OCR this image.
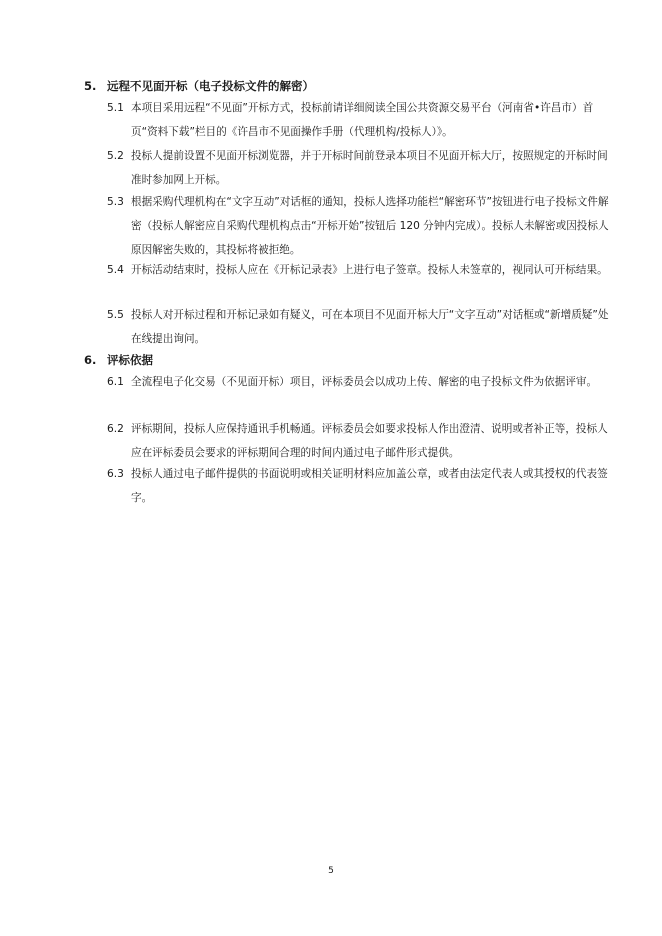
5. 远程不见面开标（电子投标文件的解密）
5.1 本项目采用远程“不见面”开标方式，投标前请详细阅读全国公共资源交易平台（河南省•许昌市）首页“资料下载”栏目的《许昌市不见面操作手册（代理机构/投标人）》。
5.2 投标人提前设置不见面开标浏览器，并于开标时间前登录本项目不见面开标大厅，按照规定的开标时间准时参加网上开标。
5.3 根据采购代理机构在“文字互动”对话框的通知，投标人选择功能栏“解密环节”按钮进行电子投标文件解密（投标人解密应自采购代理机构点击“开标开始”按钮后 120 分钟内完成）。投标人未解密或因投标人原因解密失败的，其投标将被拒绝。
5.4 开标活动结束时，投标人应在《开标记录表》上进行电子签章。投标人未签章的，视同认可开标结果。
5.5 投标人对开标过程和开标记录如有疑义，可在本项目不见面开标大厅“文字互动”对话框或“新增质疑”处在线提出询问。
6. 评标依据
6.1 全流程电子化交易（不见面开标）项目，评标委员会以成功上传、解密的电子投标文件为依据评审。
6.2 评标期间，投标人应保持通讯手机畅通。评标委员会如要求投标人作出澄清、说明或者补正等，投标人应在评标委员会要求的评标期间合理的时间内通过电子邮件形式提供。
6.3 投标人通过电子邮件提供的书面说明或相关证明材料应加盖公章，或者由法定代表人或其授权的代表签字。
5
